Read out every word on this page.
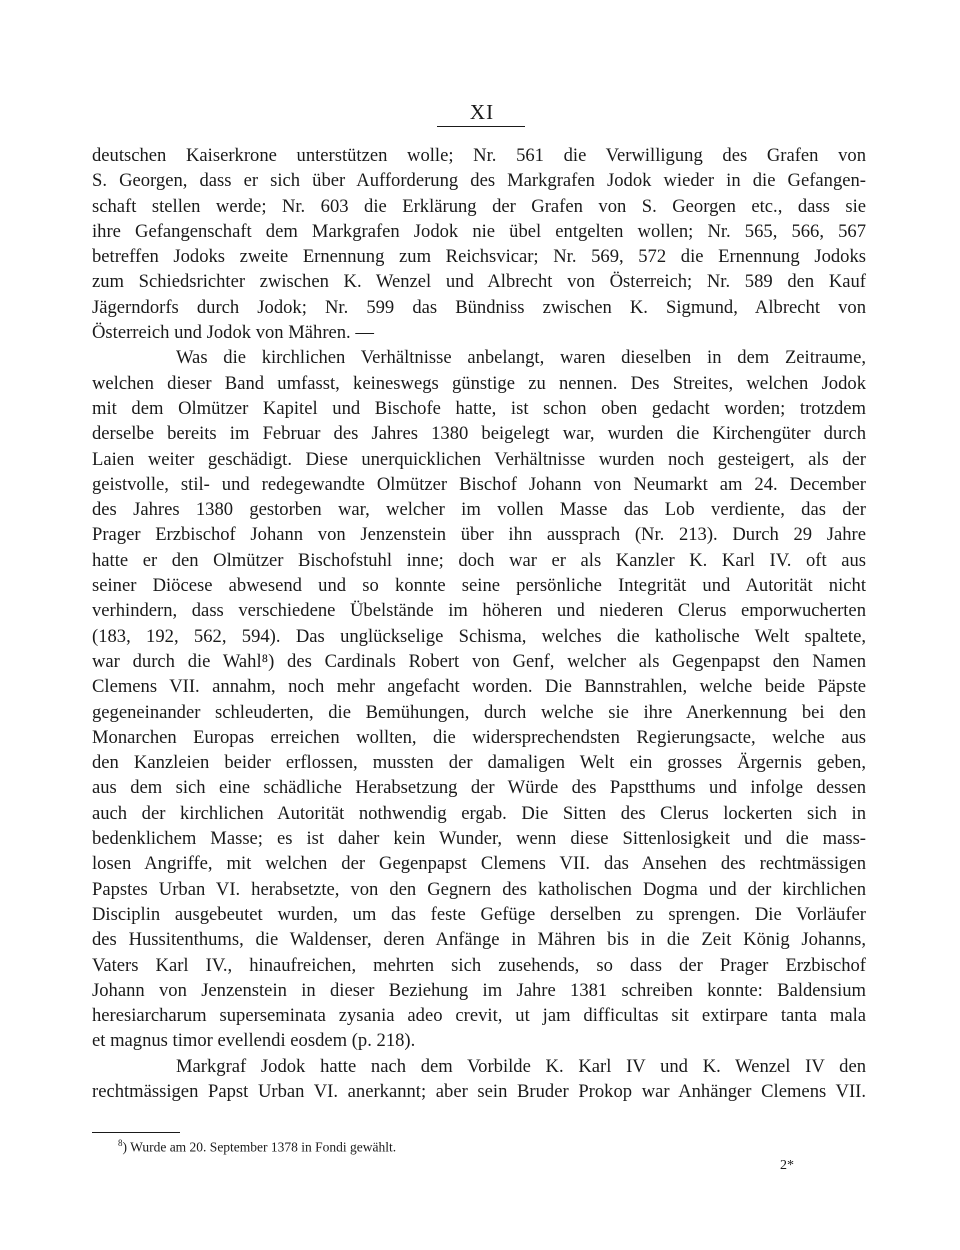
XI
deutschen Kaiserkrone unterstützen wolle; Nr. 561 die Verwilligung des Grafen von
S. Georgen, dass er sich über Aufforderung des Markgrafen Jodok wieder in die Gefangen-
schaft stellen werde; Nr. 603 die Erklärung der Grafen von S. Georgen etc., dass sie
ihre Gefangenschaft dem Markgrafen Jodok nie übel entgelten wollen; Nr. 565, 566, 567
betreffen Jodoks zweite Ernennung zum Reichsvicar; Nr. 569, 572 die Ernennung Jodoks
zum Schiedsrichter zwischen K. Wenzel und Albrecht von Österreich; Nr. 589 den Kauf
Jägerndorfs durch Jodok; Nr. 599 das Bündniss zwischen K. Sigmund, Albrecht von
Österreich und Jodok von Mähren. —
Was die kirchlichen Verhältnisse anbelangt, waren dieselben in dem Zeitraume,
welchen dieser Band umfasst, keineswegs günstige zu nennen. Des Streites, welchen Jodok
mit dem Olmützer Kapitel und Bischofe hatte, ist schon oben gedacht worden; trotzdem
derselbe bereits im Februar des Jahres 1380 beigelegt war, wurden die Kirchengüter durch
Laien weiter geschädigt. Diese unerquicklichen Verhältnisse wurden noch gesteigert, als der
geistvolle, stil- und redegewandte Olmützer Bischof Johann von Neumarkt am 24. December
des Jahres 1380 gestorben war, welcher im vollen Masse das Lob verdiente, das der
Prager Erzbischof Johann von Jenzenstein über ihn aussprach (Nr. 213). Durch 29 Jahre
hatte er den Olmützer Bischofstuhl inne; doch war er als Kanzler K. Karl IV. oft aus
seiner Diöcese abwesend und so konnte seine persönliche Integrität und Autorität nicht
verhindern, dass verschiedene Übelstände im höheren und niederen Clerus emporwucherten
(183, 192, 562, 594). Das unglückselige Schisma, welches die katholische Welt spaltete,
war durch die Wahl⁸) des Cardinals Robert von Genf, welcher als Gegenpapst den Namen
Clemens VII. annahm, noch mehr angefacht worden. Die Bannstrahlen, welche beide Päpste
gegeneinander schleuderten, die Bemühungen, durch welche sie ihre Anerkennung bei den
Monarchen Europas erreichen wollten, die widersprechendsten Regierungsacte, welche aus
den Kanzleien beider erflossen, mussten der damaligen Welt ein grosses Ärgernis geben,
aus dem sich eine schädliche Herabsetzung der Würde des Papstthums und infolge dessen
auch der kirchlichen Autorität nothwendig ergab. Die Sitten des Clerus lockerten sich in
bedenklichem Masse; es ist daher kein Wunder, wenn diese Sittenlosigkeit und die mass-
losen Angriffe, mit welchen der Gegenpapst Clemens VII. das Ansehen des rechtmässigen
Papstes Urban VI. herabsetzte, von den Gegnern des katholischen Dogma und der kirchlichen
Disciplin ausgebeutet wurden, um das feste Gefüge derselben zu sprengen. Die Vorläufer
des Hussitenthums, die Waldenser, deren Anfänge in Mähren bis in die Zeit König Johanns,
Vaters Karl IV., hinaufreichen, mehrten sich zusehends, so dass der Prager Erzbischof
Johann von Jenzenstein in dieser Beziehung im Jahre 1381 schreiben konnte: Baldensium
heresiarcharum superseminata zysania adeo crevit, ut jam difficultas sit extirpare tanta mala
et magnus timor evellendi eosdem (p. 218).
Markgraf Jodok hatte nach dem Vorbilde K. Karl IV und K. Wenzel IV den
rechtmässigen Papst Urban VI. anerkannt; aber sein Bruder Prokop war Anhänger Clemens VII.
$^8$) Wurde am 20. September 1378 in Fondi gewählt.
2*
